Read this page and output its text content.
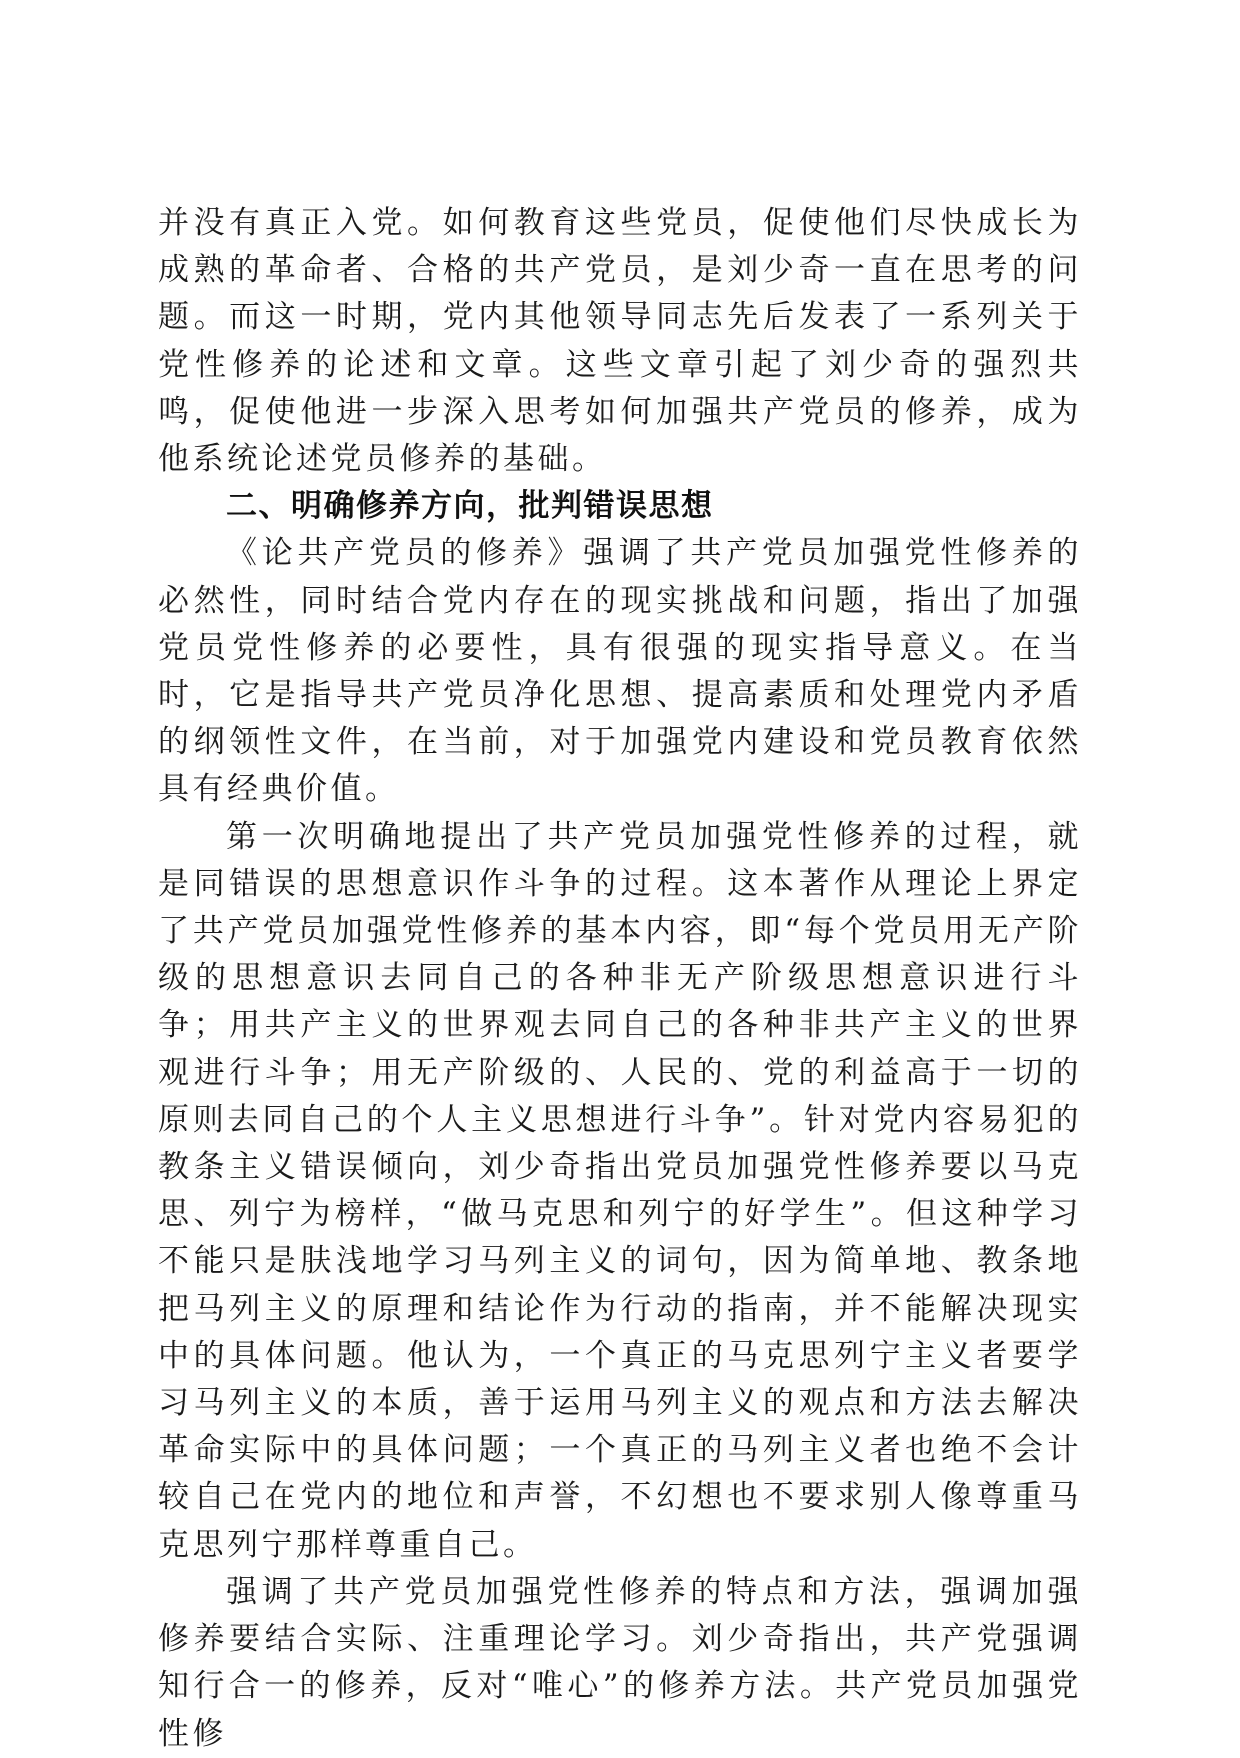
并没有真正入党。如何教育这些党员，促使他们尽快成长为成熟的革命者、合格的共产党员，是刘少奇一直在思考的问题。而这一时期，党内其他领导同志先后发表了一系列关于党性修养的论述和文章。这些文章引起了刘少奇的强烈共鸣，促使他进一步深入思考如何加强共产党员的修养，成为他系统论述党员修养的基础。

二、明确修养方向，批判错误思想

《论共产党员的修养》强调了共产党员加强党性修养的必然性，同时结合党内存在的现实挑战和问题，指出了加强党员党性修养的必要性，具有很强的现实指导意义。在当时，它是指导共产党员净化思想、提高素质和处理党内矛盾的纲领性文件，在当前，对于加强党内建设和党员教育依然具有经典价值。

第一次明确地提出了共产党员加强党性修养的过程，就是同错误的思想意识作斗争的过程。这本著作从理论上界定了共产党员加强党性修养的基本内容，即“每个党员用无产阶级的思想意识去同自己的各种非无产阶级思想意识进行斗争；用共产主义的世界观去同自己的各种非共产主义的世界观进行斗争；用无产阶级的、人民的、党的利益高于一切的原则去同自己的个人主义思想进行斗争”。针对党内容易犯的教条主义错误倾向，刘少奇指出党员加强党性修养要以马克思、列宁为榜样，“做马克思和列宁的好学生”。但这种学习不能只是肤浅地学习马列主义的词句，因为简单地、教条地把马列主义的原理和结论作为行动的指南，并不能解决现实中的具体问题。他认为，一个真正的马克思列宁主义者要学习马列主义的本质，善于运用马列主义的观点和方法去解决革命实际中的具体问题；一个真正的马列主义者也绝不会计较自己在党内的地位和声誉，不幻想也不要求别人像尊重马克思列宁那样尊重自己。

强调了共产党员加强党性修养的特点和方法，强调加强修养要结合实际、注重理论学习。刘少奇指出，共产党强调知行合一的修养，反对“唯心”的修养方法。共产党员加强党性修
